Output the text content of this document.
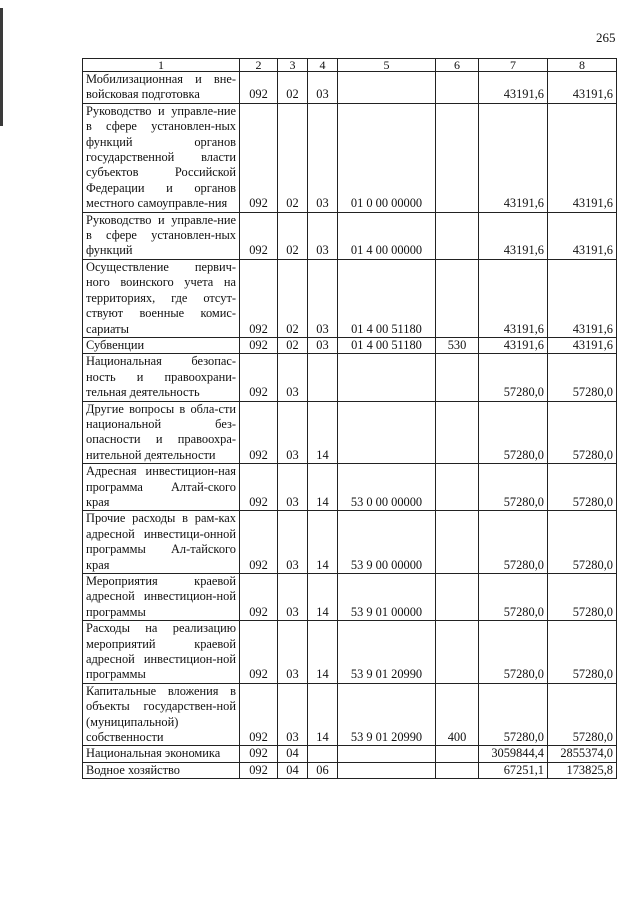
265
1	2	3	4	5	6	7	8
Мобилизационная и вне-войсковая подготовка	092	02	03			43191,6	43191,6
Руководство и управле-ние в сфере установлен-ных функций органов государственной власти субъектов Российской Федерации и органов местного самоуправле-ния	092	02	03	01 0 00 00000		43191,6	43191,6
Руководство и управле-ние в сфере установлен-ных функций	092	02	03	01 4 00 00000		43191,6	43191,6
Осуществление первич-ного воинского учета на территориях, где отсут-ствуют военные комис-сариаты	092	02	03	01 4 00 51180		43191,6	43191,6
Субвенции	092	02	03	01 4 00 51180	530	43191,6	43191,6
Национальная безопас-ность и правоохрани-тельная деятельность	092	03				57280,0	57280,0
Другие вопросы в обла-сти национальной без-опасности и правоохра-нительной деятельности	092	03	14			57280,0	57280,0
Адресная инвестицион-ная программа Алтай-ского края	092	03	14	53 0 00 00000		57280,0	57280,0
Прочие расходы в рам-ках адресной инвестици-онной программы Ал-тайского края	092	03	14	53 9 00 00000		57280,0	57280,0
Мероприятия краевой адресной инвестицион-ной программы	092	03	14	53 9 01 00000		57280,0	57280,0
Расходы на реализацию мероприятий краевой адресной инвестицион-ной программы	092	03	14	53 9 01 20990		57280,0	57280,0
Капитальные вложения в объекты государствен-ной (муниципальной) собственности	092	03	14	53 9 01 20990	400	57280,0	57280,0
Национальная экономика	092	04				3059844,4	2855374,0
Водное хозяйство	092	04	06			67251,1	173825,8
